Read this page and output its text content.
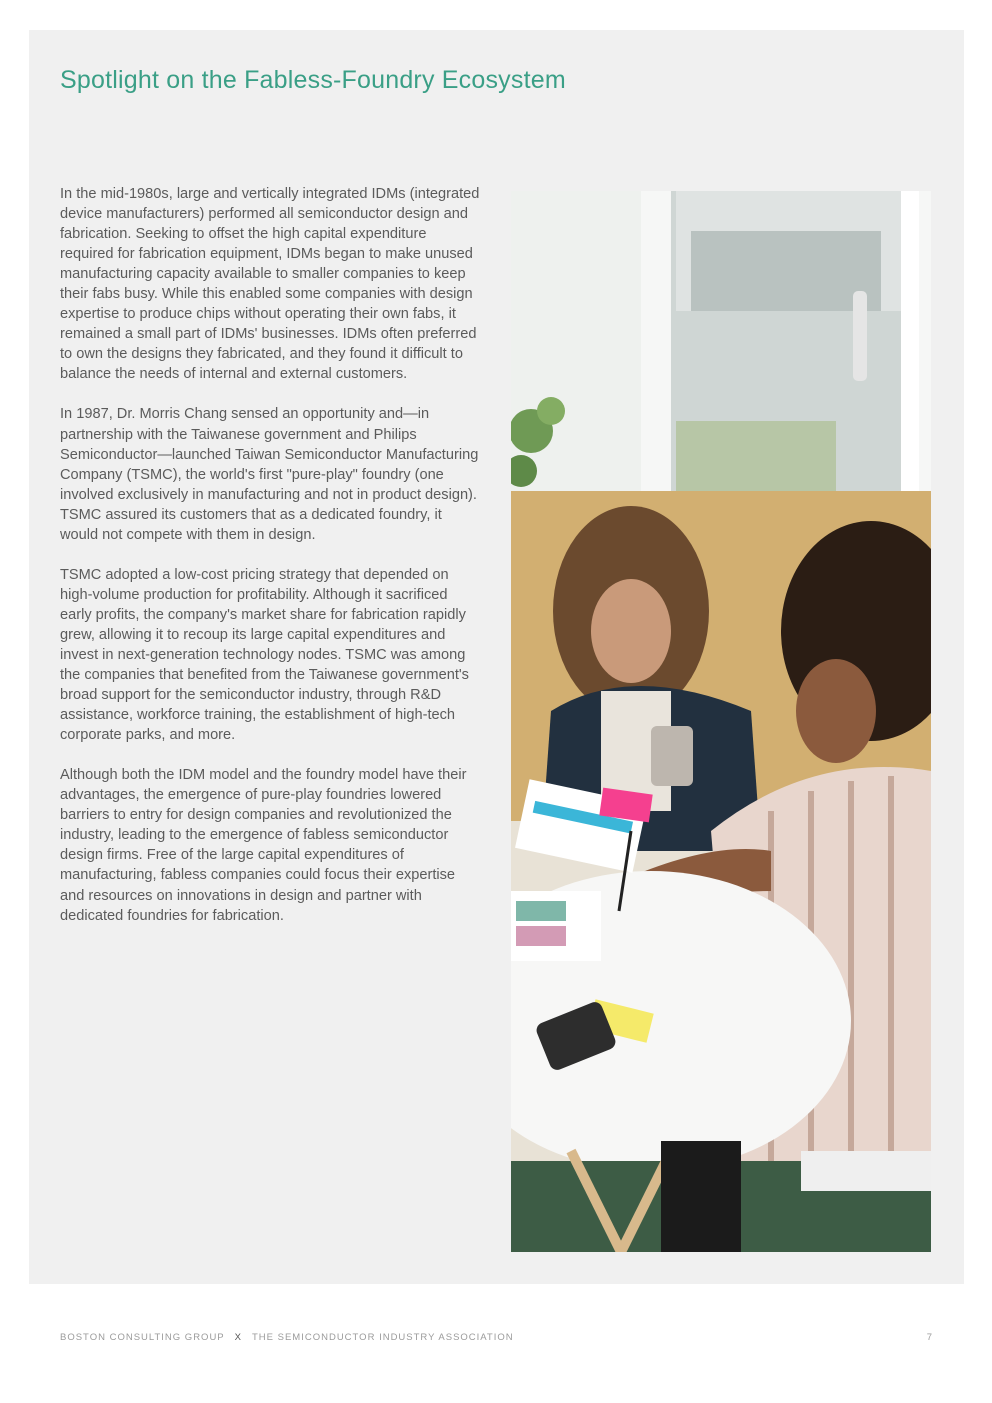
Spotlight on the Fabless-Foundry Ecosystem

In the mid-1980s, large and vertically integrated IDMs (integrated device manufacturers) performed all semiconductor design and fabrication. Seeking to offset the high capital expenditure required for fabrication equipment, IDMs began to make unused manufacturing capacity available to smaller companies to keep their fabs busy. While this enabled some companies with design expertise to produce chips without operating their own fabs, it remained a small part of IDMs' businesses. IDMs often preferred to own the designs they fabricated, and they found it difficult to balance the needs of internal and external customers.

In 1987, Dr. Morris Chang sensed an opportunity and—in partnership with the Taiwanese government and Philips Semiconductor—launched Taiwan Semiconductor Manufacturing Company (TSMC), the world's first "pure-play" foundry (one involved exclusively in manufacturing and not in product design). TSMC assured its customers that as a dedicated foundry, it would not compete with them in design.

TSMC adopted a low-cost pricing strategy that depended on high-volume production for profitability. Although it sacrificed early profits, the company's market share for fabrication rapidly grew, allowing it to recoup its large capital expenditures and invest in next-generation technology nodes. TSMC was among the companies that benefited from the Taiwanese government's broad support for the semiconductor industry, through R&D assistance, workforce training, the establishment of high-tech corporate parks, and more.

Although both the IDM model and the foundry model have their advantages, the emergence of pure-play foundries lowered barriers to entry for design companies and revolutionized the industry, leading to the emergence of fabless semiconductor design firms. Free of the large capital expenditures of manufacturing, fabless companies could focus their expertise and resources on innovations in design and partner with dedicated foundries for fabrication.

BOSTON CONSULTING GROUP X THE SEMICONDUCTOR INDUSTRY ASSOCIATION	7
